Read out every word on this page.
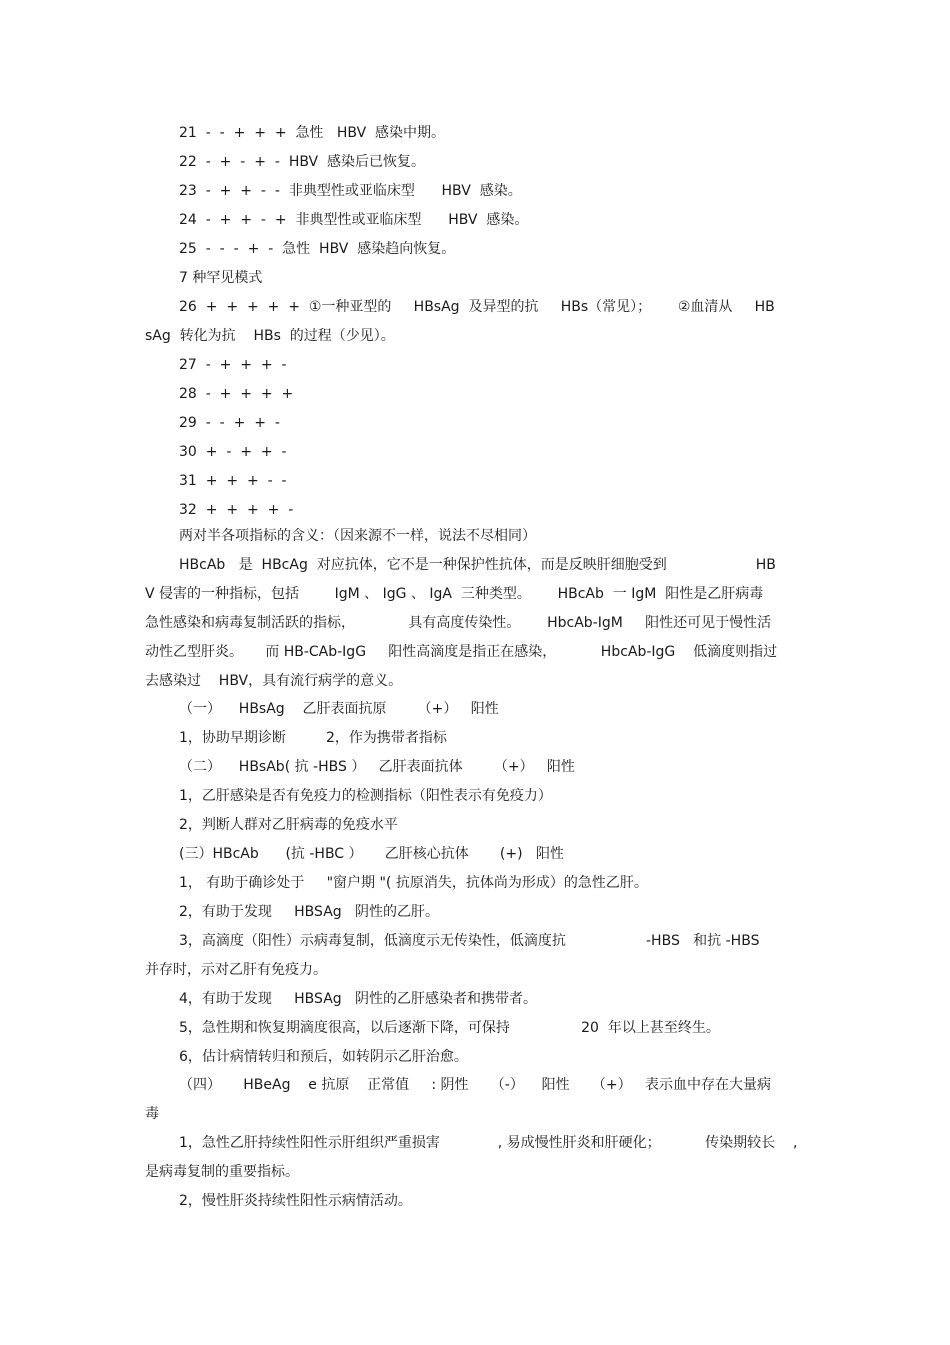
21  -  -  +  +  +  急性   HBV  感染中期。
22  -  +  -  +  -  HBV  感染后已恢复。
23  -  +  +  -  -  非典型性或亚临床型      HBV  感染。
24  -  +  +  -  +  非典型性或亚临床型      HBV  感染。
25  -  -  -  +  -  急性  HBV  感染趋向恢复。
7 种罕见模式
26  +  +  +  +  +  ①一种亚型的     HBsAg  及异型的抗     HBs（常见）；      ②血清从     HB
sAg  转化为抗    HBs  的过程（少见）。
27  -  +  +  +  -
28  -  +  +  +  +
29  -  -  +  +  -
30  +  -  +  +  -
31  +  +  +  -  -
32  +  +  +  +  -
两对半各项指标的含义：（因来源不一样，说法不尽相同）
HBcAb   是  HBcAg  对应抗体，它不是一种保护性抗体，而是反映肝细胞受到                    HB
V 侵害的一种指标，包括        IgM 、 IgG 、 IgA  三种类型。      HBcAb  一 IgM  阳性是乙肝病毒
急性感染和病毒复制活跃的指标，            具有高度传染性。      HbcAb-IgM     阳性还可见于慢性活
动性乙型肝炎。     而 HB-CAb-IgG     阳性高滴度是指正在感染，          HbcAb-IgG    低滴度则指过
去感染过    HBV，具有流行病学的意义。
（一）    HBsAg    乙肝表面抗原       （+）   阳性
1，协助早期诊断         2，作为携带者指标
（二）    HBsAb( 抗 -HBS ）   乙肝表面抗体       （+）   阳性
1，乙肝感染是否有免疫力的检测指标（阳性表示有免疫力）
2，判断人群对乙肝病毒的免疫水平
(三）HBcAb      (抗 -HBC ）     乙肝核心抗体       (+)   阳性
1， 有助于确诊处于     "窗户期 "( 抗原消失，抗体尚为形成）的急性乙肝。
2，有助于发现     HBSAg   阴性的乙肝。
3，高滴度（阳性）示病毒复制，低滴度示无传染性，低滴度抗                  -HBS   和抗 -HBS
并存时，示对乙肝有免疫力。
4，有助于发现     HBSAg   阴性的乙肝感染者和携带者。
5，急性期和恢复期滴度很高，以后逐渐下降，可保持                20  年以上甚至终生。
6，估计病情转归和预后，如转阴示乙肝治愈。
（四）     HBeAg    e 抗原    正常值     : 阴性     （-）    阳性     （+）   表示血中存在大量病
毒
1，急性乙肝持续性阳性示肝组织严重损害             , 易成慢性肝炎和肝硬化；          传染期较长    ,
是病毒复制的重要指标。
2，慢性肝炎持续性阳性示病情活动。
